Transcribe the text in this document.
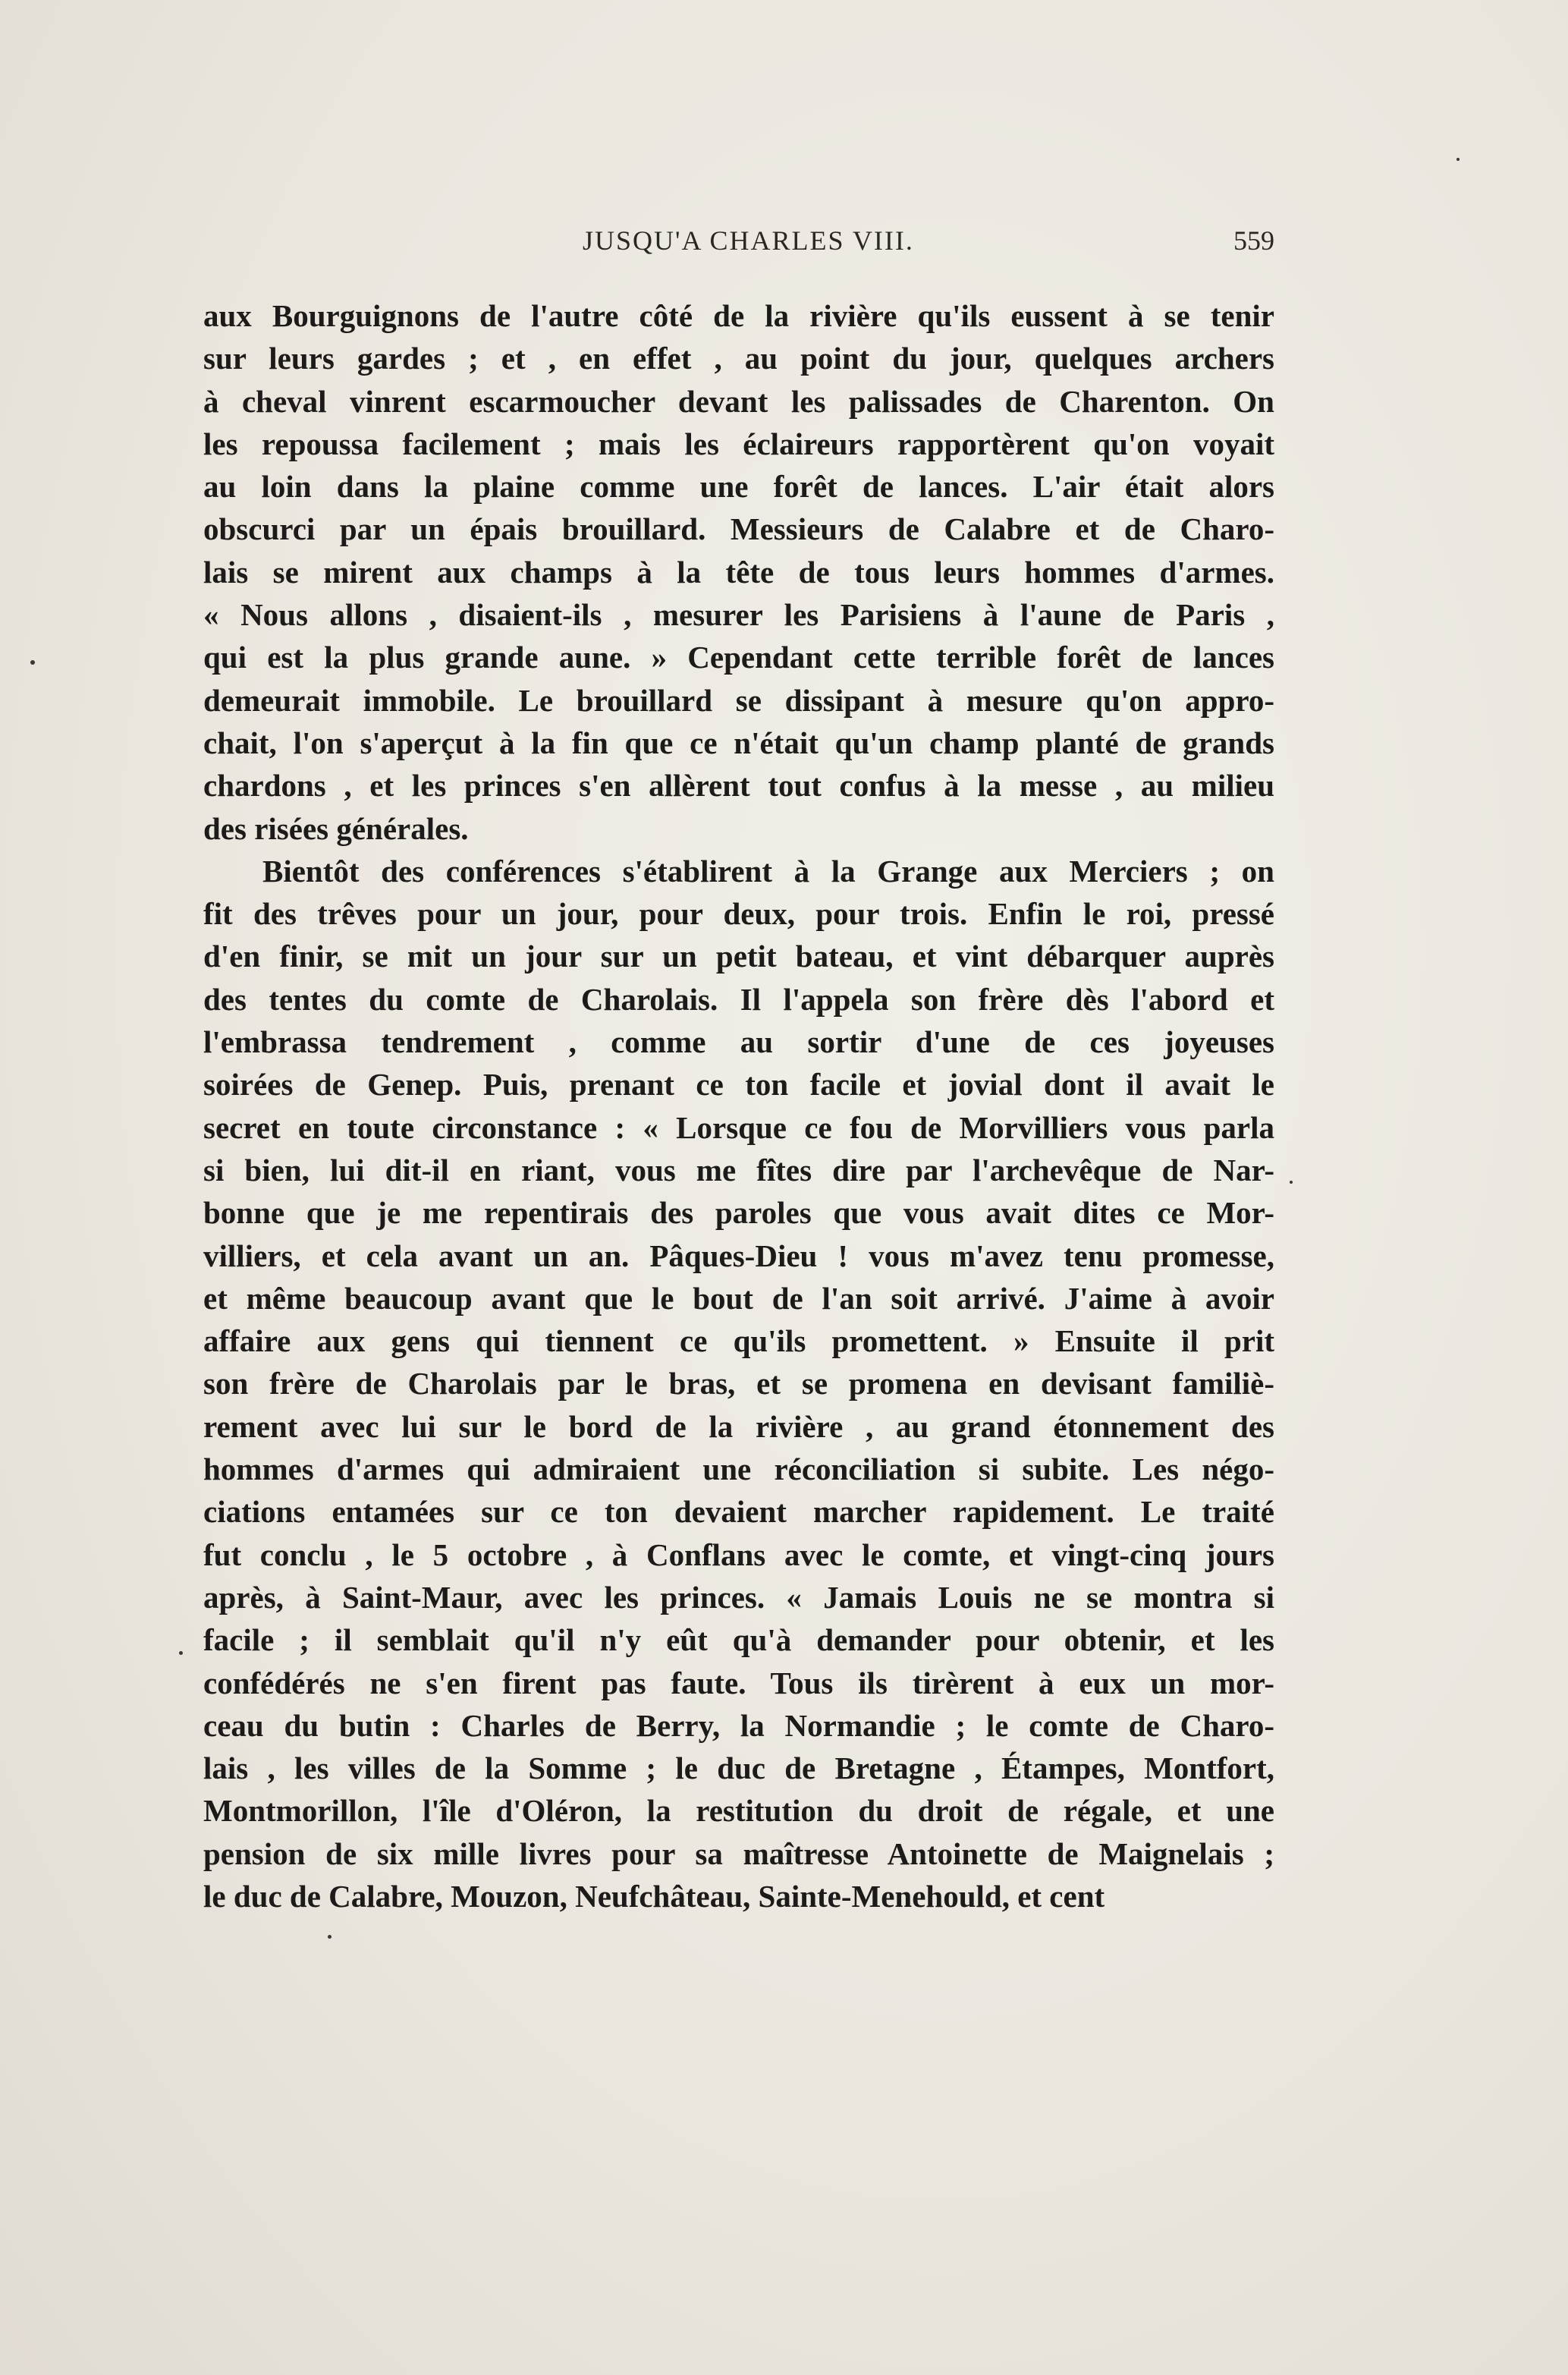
JUSQU'A CHARLES VIII.	559
aux Bourguignons de l'autre côté de la rivière qu'ils eussent à se tenir
sur leurs gardes ; et , en effet , au point du jour, quelques archers
à cheval vinrent escarmoucher devant les palissades de Charenton. On
les repoussa facilement ; mais les éclaireurs rapportèrent qu'on voyait
au loin dans la plaine comme une forêt de lances. L'air était alors
obscurci par un épais brouillard. Messieurs de Calabre et de Charo-
lais se mirent aux champs à la tête de tous leurs hommes d'armes.
« Nous allons , disaient-ils , mesurer les Parisiens à l'aune de Paris ,
qui est la plus grande aune. » Cependant cette terrible forêt de lances
demeurait immobile. Le brouillard se dissipant à mesure qu'on appro-
chait, l'on s'aperçut à la fin que ce n'était qu'un champ planté de grands
chardons , et les princes s'en allèrent tout confus à la messe , au milieu
des risées générales.
Bientôt des conférences s'établirent à la Grange aux Merciers ; on
fit des trêves pour un jour, pour deux, pour trois. Enfin le roi, pressé
d'en finir, se mit un jour sur un petit bateau, et vint débarquer auprès
des tentes du comte de Charolais. Il l'appela son frère dès l'abord et
l'embrassa tendrement , comme au sortir d'une de ces joyeuses
soirées de Genep. Puis, prenant ce ton facile et jovial dont il avait le
secret en toute circonstance : « Lorsque ce fou de Morvilliers vous parla
si bien, lui dit-il en riant, vous me fîtes dire par l'archevêque de Nar-
bonne que je me repentirais des paroles que vous avait dites ce Mor-
villiers, et cela avant un an. Pâques-Dieu ! vous m'avez tenu promesse,
et même beaucoup avant que le bout de l'an soit arrivé. J'aime à avoir
affaire aux gens qui tiennent ce qu'ils promettent. » Ensuite il prit
son frère de Charolais par le bras, et se promena en devisant familiè-
rement avec lui sur le bord de la rivière , au grand étonnement des
hommes d'armes qui admiraient une réconciliation si subite. Les négo-
ciations entamées sur ce ton devaient marcher rapidement. Le traité
fut conclu , le 5 octobre , à Conflans avec le comte, et vingt-cinq jours
après, à Saint-Maur, avec les princes. « Jamais Louis ne se montra si
facile ; il semblait qu'il n'y eût qu'à demander pour obtenir, et les
confédérés ne s'en firent pas faute. Tous ils tirèrent à eux un mor-
ceau du butin : Charles de Berry, la Normandie ; le comte de Charo-
lais , les villes de la Somme ; le duc de Bretagne , Étampes, Montfort,
Montmorillon, l'île d'Oléron, la restitution du droit de régale, et une
pension de six mille livres pour sa maîtresse Antoinette de Maignelais ;
le duc de Calabre, Mouzon, Neufchâteau, Sainte-Menehould, et cent
